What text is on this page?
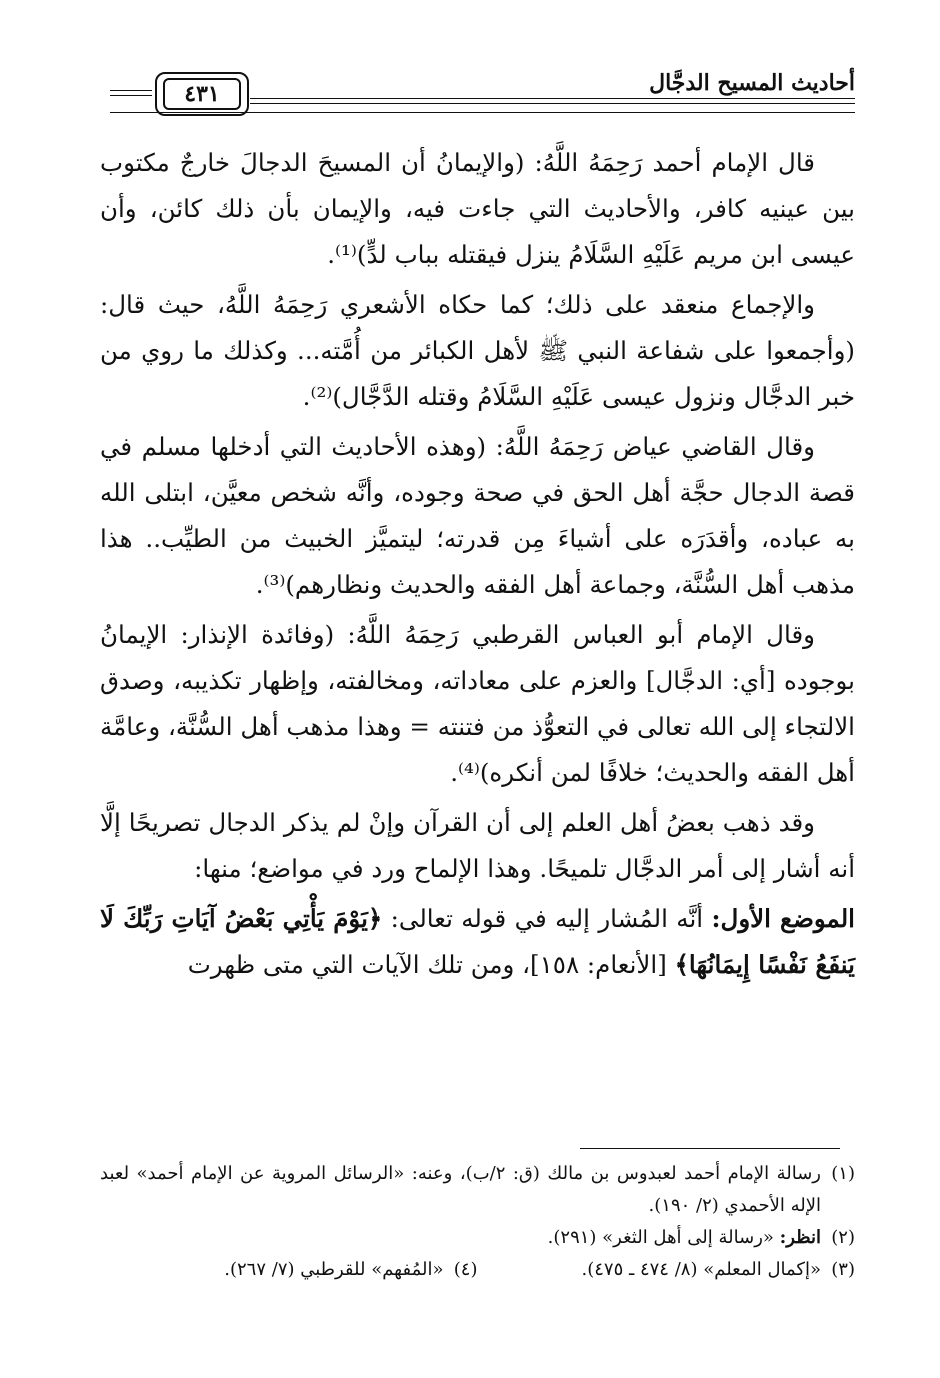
٤٣١	أحاديث المسيح الدجَّال

قال الإمام أحمد رَحِمَهُ اللَّهُ: (والإيمانُ أن المسيحَ الدجالَ خارجٌ مكتوب بين عينيه كافر، والأحاديث التي جاءت فيه، والإيمان بأن ذلك كائن، وأن عيسى ابن مريم عَلَيْهِ السَّلَامُ ينزل فيقتله بباب لدٍّ)⁽¹⁾.

والإجماع منعقد على ذلك؛ كما حكاه الأشعري رَحِمَهُ اللَّهُ، حيث قال: (وأجمعوا على شفاعة النبي ﷺ لأهل الكبائر من أُمَّته... وكذلك ما روي من خبر الدجَّال ونزول عيسى عَلَيْهِ السَّلَامُ وقتله الدَّجَّال)⁽²⁾.

وقال القاضي عياض رَحِمَهُ اللَّهُ: (وهذه الأحاديث التي أدخلها مسلم في قصة الدجال حجَّة أهل الحق في صحة وجوده، وأنَّه شخص معيَّن، ابتلى الله به عباده، وأقدَرَه على أشياءَ مِن قدرته؛ ليتميَّز الخبيث من الطيِّب.. هذا مذهب أهل السُّنَّة، وجماعة أهل الفقه والحديث ونظارهم)⁽³⁾.

وقال الإمام أبو العباس القرطبي رَحِمَهُ اللَّهُ: (وفائدة الإنذار: الإيمانُ بوجوده [أي: الدجَّال] والعزم على معاداته، ومخالفته، وإظهار تكذيبه، وصدق الالتجاء إلى الله تعالى في التعوُّذ من فتنته = وهذا مذهب أهل السُّنَّة، وعامَّة أهل الفقه والحديث؛ خلافًا لمن أنكره)⁽⁴⁾.

وقد ذهب بعضُ أهل العلم إلى أن القرآن وإنْ لم يذكر الدجال تصريحًا إلَّا أنه أشار إلى أمر الدجَّال تلميحًا. وهذا الإلماح ورد في مواضع؛ منها:

الموضع الأول: أنَّه المُشار إليه في قوله تعالى: ﴿يَوْمَ يَأْتِي بَعْضُ آيَاتِ رَبِّكَ لَا يَنفَعُ نَفْسًا إِيمَانُهَا﴾ [الأنعام: ١٥٨]، ومن تلك الآيات التي متى ظهرت

(١)
رسالة الإمام أحمد لعبدوس بن مالك (ق: ٢/ب)، وعنه: «الرسائل المروية عن الإمام أحمد» لعبد الإله الأحمدي (٢/ ١٩٠).
(٢)
انظر: «رسالة إلى أهل الثغر» (٢٩١).
(٣)
«إكمال المعلم» (٨/ ٤٧٤ ـ ٤٧٥).
(٤)
«المُفهم» للقرطبي (٧/ ٢٦٧).
